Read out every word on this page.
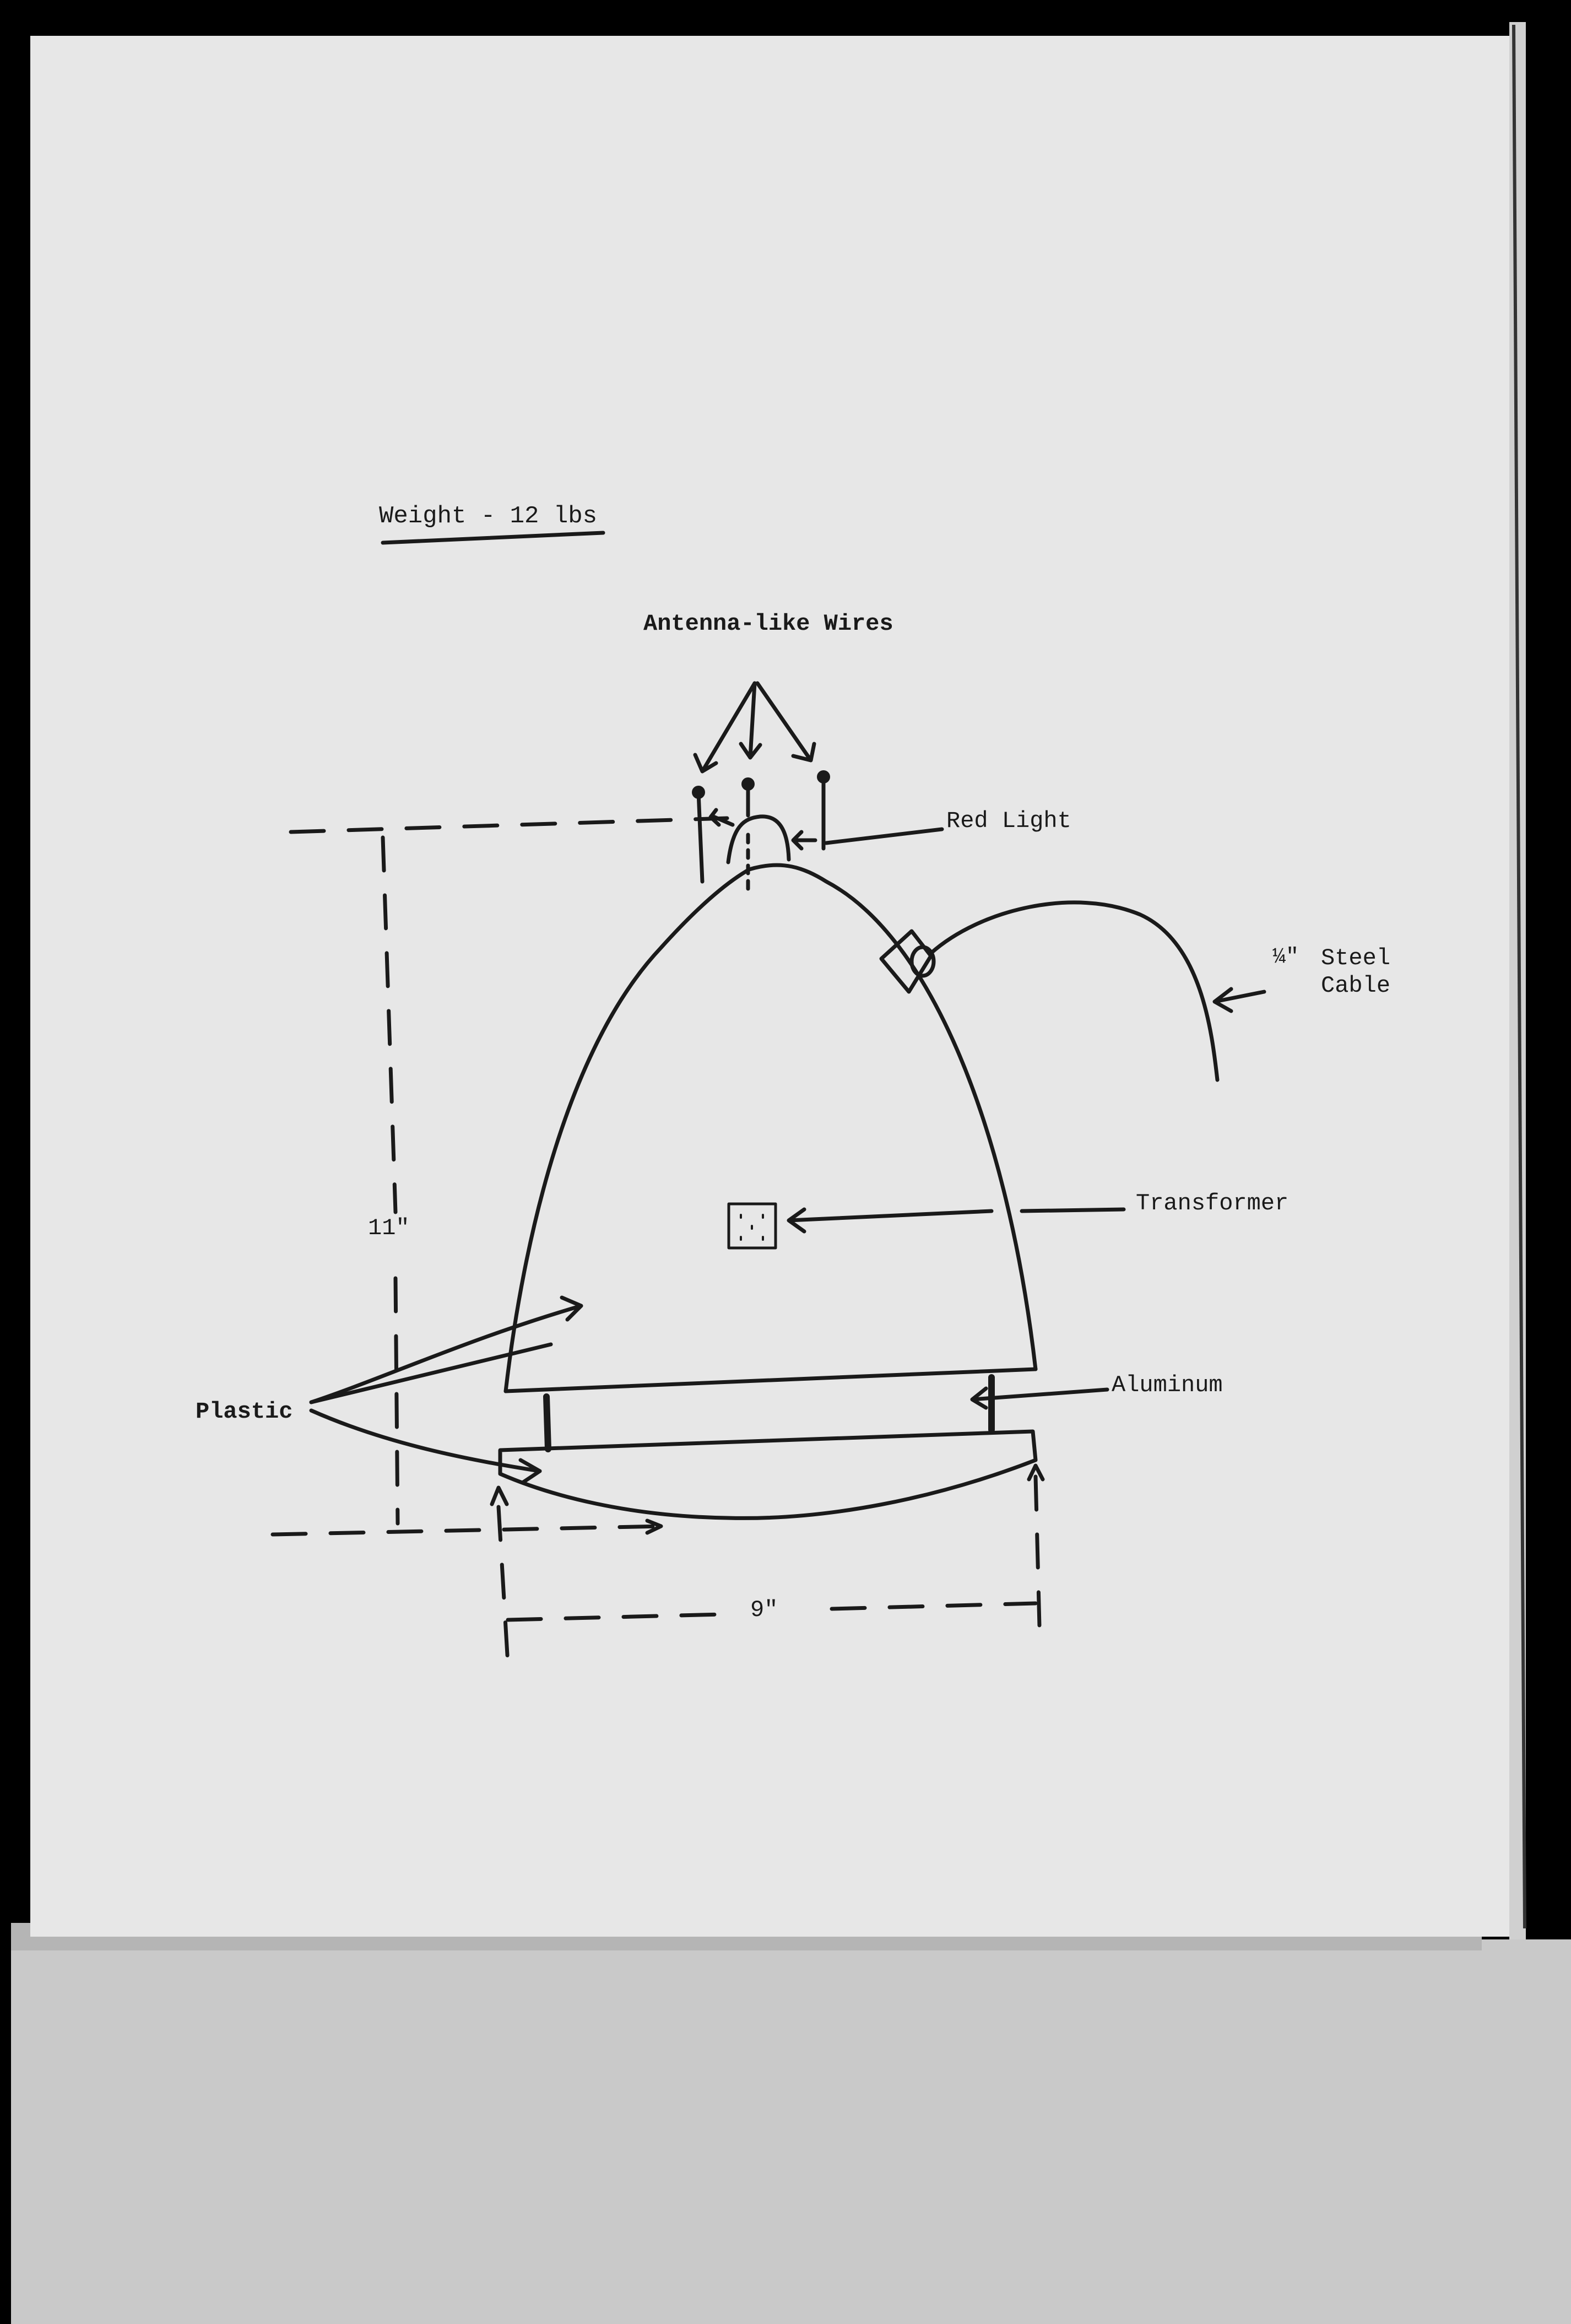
Weight - 12 lbs
Antenna-like Wires
Red Light
¼" Steel
Cable
Transformer
Aluminum
Plastic
11"
9"
